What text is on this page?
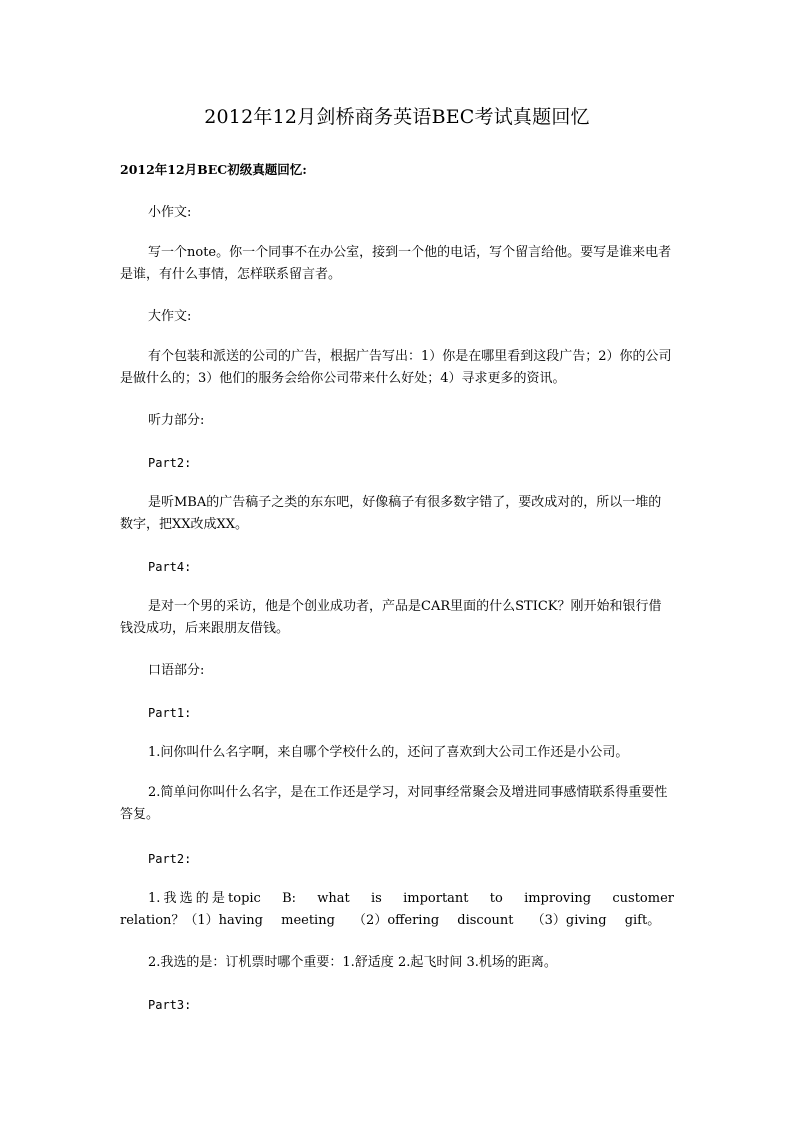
2012年12月剑桥商务英语BEC考试真题回忆
2012年12月BEC初级真题回忆:

小作文:

写一个note。你一个同事不在办公室，接到一个他的电话，写个留言给他。要写是谁来电者是谁，有什么事情，怎样联系留言者。

大作文:

有个包装和派送的公司的广告，根据广告写出：1）你是在哪里看到这段广告；2）你的公司是做什么的；3）他们的服务会给你公司带来什么好处；4）寻求更多的资讯。

听力部分:

Part2:

是听MBA的广告稿子之类的东东吧，好像稿子有很多数字错了，要改成对的，所以一堆的数字，把XX改成XX。

Part4:

是对一个男的采访，他是个创业成功者，产品是CAR里面的什么STICK？刚开始和银行借钱没成功，后来跟朋友借钱。

口语部分:

Part1:

1.问你叫什么名字啊，来自哪个学校什么的，还问了喜欢到大公司工作还是小公司。

2.简单问你叫什么名字，是在工作还是学习，对同事经常聚会及增进同事感情联系得重要性答复。

Part2:

1.我选的是topic B: what is important to improving customer relation？（1）having meeting （2）offering discount （3）giving gift。

2.我选的是：订机票时哪个重要：1.舒适度 2.起飞时间 3.机场的距离。

Part3:
